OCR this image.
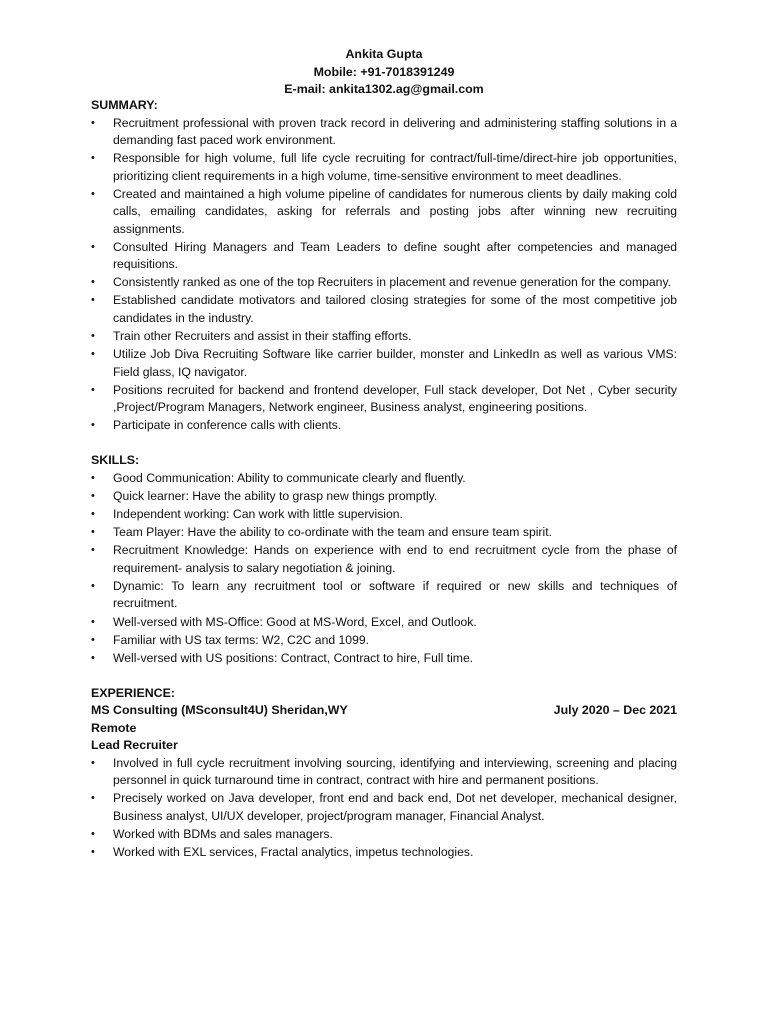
Ankita Gupta
Mobile: +91-7018391249
E-mail: ankita1302.ag@gmail.com
SUMMARY:
• Recruitment professional with proven track record in delivering and administering staffing solutions in a demanding fast paced work environment.
• Responsible for high volume, full life cycle recruiting for contract/full-time/direct-hire job opportunities, prioritizing client requirements in a high volume, time-sensitive environment to meet deadlines.
• Created and maintained a high volume pipeline of candidates for numerous clients by daily making cold calls, emailing candidates, asking for referrals and posting jobs after winning new recruiting assignments.
• Consulted Hiring Managers and Team Leaders to define sought after competencies and managed requisitions.
• Consistently ranked as one of the top Recruiters in placement and revenue generation for the company.
• Established candidate motivators and tailored closing strategies for some of the most competitive job candidates in the industry.
• Train other Recruiters and assist in their staffing efforts.
• Utilize Job Diva Recruiting Software like carrier builder, monster and LinkedIn as well as various VMS: Field glass, IQ navigator.
• Positions recruited for backend and frontend developer, Full stack developer, Dot Net , Cyber security ,Project/Program Managers, Network engineer, Business analyst, engineering positions.
• Participate in conference calls with clients.
SKILLS:
• Good Communication: Ability to communicate clearly and fluently.
• Quick learner: Have the ability to grasp new things promptly.
• Independent working: Can work with little supervision.
• Team Player: Have the ability to co-ordinate with the team and ensure team spirit.
• Recruitment Knowledge: Hands on experience with end to end recruitment cycle from the phase of requirement- analysis to salary negotiation & joining.
• Dynamic: To learn any recruitment tool or software if required or new skills and techniques of recruitment.
• Well-versed with MS-Office: Good at MS-Word, Excel, and Outlook.
• Familiar with US tax terms: W2, C2C and 1099.
• Well-versed with US positions: Contract, Contract to hire, Full time.
EXPERIENCE:
MS Consulting (MSconsult4U) Sheridan,WY	July 2020 – Dec 2021
Remote
Lead Recruiter
• Involved in full cycle recruitment involving sourcing, identifying and interviewing, screening and placing personnel in quick turnaround time in contract, contract with hire and permanent positions.
• Precisely worked on Java developer, front end and back end, Dot net developer, mechanical designer, Business analyst, UI/UX developer, project/program manager, Financial Analyst.
• Worked with BDMs and sales managers.
• Worked with EXL services, Fractal analytics, impetus technologies.
